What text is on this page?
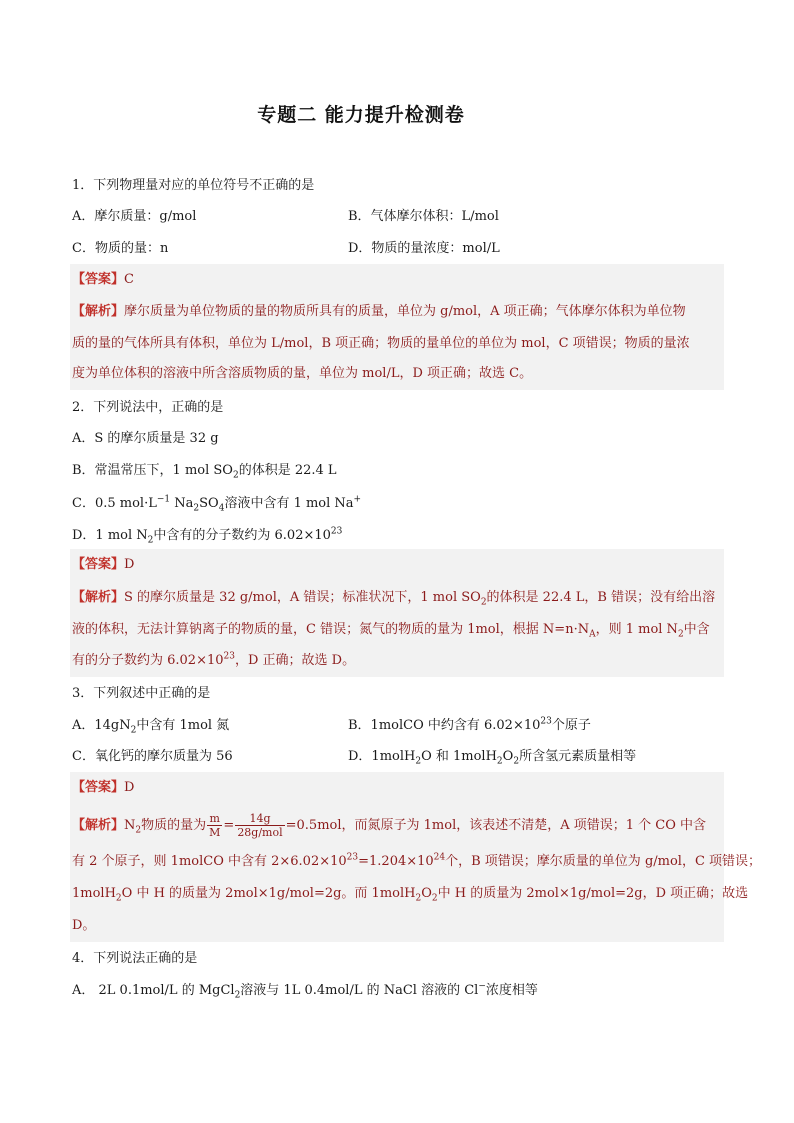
专题二 能力提升检测卷
1．下列物理量对应的单位符号不正确的是
A．摩尔质量：g/mol	B．气体摩尔体积：L/mol
C．物质的量：n	D．物质的量浓度：mol/L
【答案】C
【解析】摩尔质量为单位物质的量的物质所具有的质量，单位为 g/mol，A 项正确；气体摩尔体积为单位物
质的量的气体所具有体积，单位为 L/mol，B 项正确；物质的量单位的单位为 mol，C 项错误；物质的量浓
度为单位体积的溶液中所含溶质物质的量，单位为 mol/L，D 项正确；故选 C。
2．下列说法中，正确的是
A．S 的摩尔质量是 32 g
B．常温常压下，1 mol $SO_2$的体积是 22.4 L
C．0.5 $mol\cdot L^{-1}$ $Na_2SO_4$溶液中含有 1 mol Na+
D．1 mol $N_2$中含有的分子数约为 $6.02\times 10^{23}$
【答案】D
【解析】S 的摩尔质量是 32 g/mol，A 错误；标准状况下，1 mol $SO_2$的体积是 22.4 L，B 错误；没有给出溶
液的体积，无法计算钠离子的物质的量，C 错误；氮气的物质的量为 1mol，根据 $N=n\cdot N_A$，则 1 mol $N_2$中含
有的分子数约为 $6.02\times 10^{23}$，D 正确；故选 D。
3．下列叙述中正确的是
A．$14gN_2$中含有 1mol 氮	B．1molCO 中约含有 $6.02\times 10^{23}$个原子
C．氧化钙的摩尔质量为 56	D．1molH$_2$O 和 $1molH_2O_2$所含氢元素质量相等
【答案】D
【解析】$N_2$物质的量为 $\frac{m}{M} = \frac{14g}{\text{28g/mol}} =0.5mol$，而氮原子为 1mol，该表述不清楚，A 项错误；1 个 CO 中含
有 2 个原子，则 1molCO 中含有 $2\times 6.02\times 10^{23}=1.204\times 10^{24}$个，B 项错误；摩尔质量的单位为 g/mol，C 项错误；
1molH$_2$O 中 H 的质量为 2mol×1g/mol=2g。而 $1molH_2O_2$中 H 的质量为 2mol×1g/mol=2g，D 项正确；故选
D。
4．下列说法正确的是
A． 2L 0.1mol/L 的 MgCl$_2$溶液与 1L 0.4mol/L 的 NaCl 溶液的 Cl−浓度相等
